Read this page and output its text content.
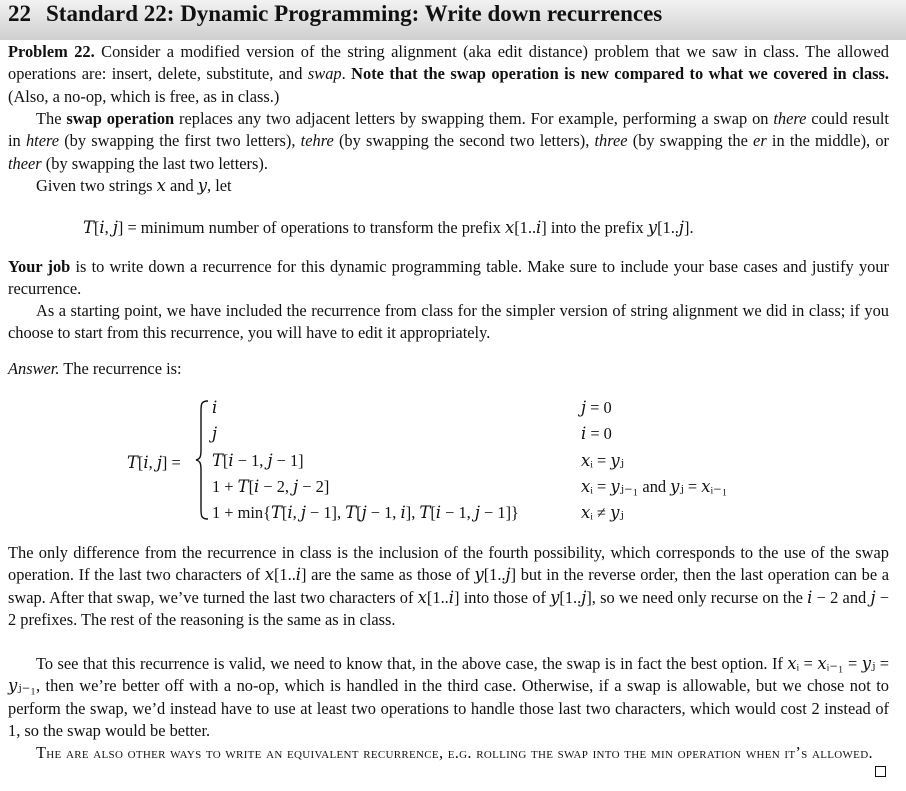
22 Standard 22: Dynamic Programming: Write down recurrences

Problem 22. Consider a modified version of the string alignment (aka edit distance) problem that we saw in class. The allowed operations are: insert, delete, substitute, and swap. Note that the swap operation is new compared to what we covered in class. (Also, a no-op, which is free, as in class.)

The swap operation replaces any two adjacent letters by swapping them. For example, performing a swap on there could result in htere (by swapping the first two letters), tehre (by swapping the second two letters), three (by swapping the er in the middle), or theer (by swapping the last two letters).

Given two strings 𝑥 and 𝑦, let

𝑇[𝑖, 𝑗] = minimum number of operations to transform the prefix 𝑥[1..𝑖] into the prefix 𝑦[1..𝑗].

Your job is to write down a recurrence for this dynamic programming table. Make sure to include your base cases and justify your recurrence.

As a starting point, we have included the recurrence from class for the simpler version of string alignment we did in class; if you choose to start from this recurrence, you will have to edit it appropriately.

Answer. The recurrence is:

𝑇[𝑖, 𝑗] =
𝑖	𝑗 = 0
𝑗	𝑖 = 0
𝑇[𝑖 − 1, 𝑗 − 1]	𝑥ᵢ = 𝑦ⱼ
1 + 𝑇[𝑖 − 2, 𝑗 − 2]	𝑥ᵢ = 𝑦ⱼ₋₁ and 𝑦ⱼ = 𝑥ᵢ₋₁
1 + min{𝑇[𝑖, 𝑗 − 1], 𝑇[𝑗 − 1, 𝑖], 𝑇[𝑖 − 1, 𝑗 − 1]}	𝑥ᵢ ≠ 𝑦ⱼ

The only difference from the recurrence in class is the inclusion of the fourth possibility, which corresponds to the use of the swap operation. If the last two characters of 𝑥[1..𝑖] are the same as those of 𝑦[1..𝑗] but in the reverse order, then the last operation can be a swap. After that swap, we’ve turned the last two characters of 𝑥[1..𝑖] into those of 𝑦[1..𝑗], so we need only recurse on the 𝑖 − 2 and 𝑗 − 2 prefixes. The rest of the reasoning is the same as in class.

To see that this recurrence is valid, we need to know that, in the above case, the swap is in fact the best option. If 𝑥ᵢ = 𝑥ᵢ₋₁ = 𝑦ⱼ = 𝑦ⱼ₋₁, then we’re better off with a no-op, which is handled in the third case. Otherwise, if a swap is allowable, but we chose not to perform the swap, we’d instead have to use at least two operations to handle those last two characters, which would cost 2 instead of 1, so the swap would be better.

The are also other ways to write an equivalent recurrence, e.g. rolling the swap into the min operation when it’s allowed.
